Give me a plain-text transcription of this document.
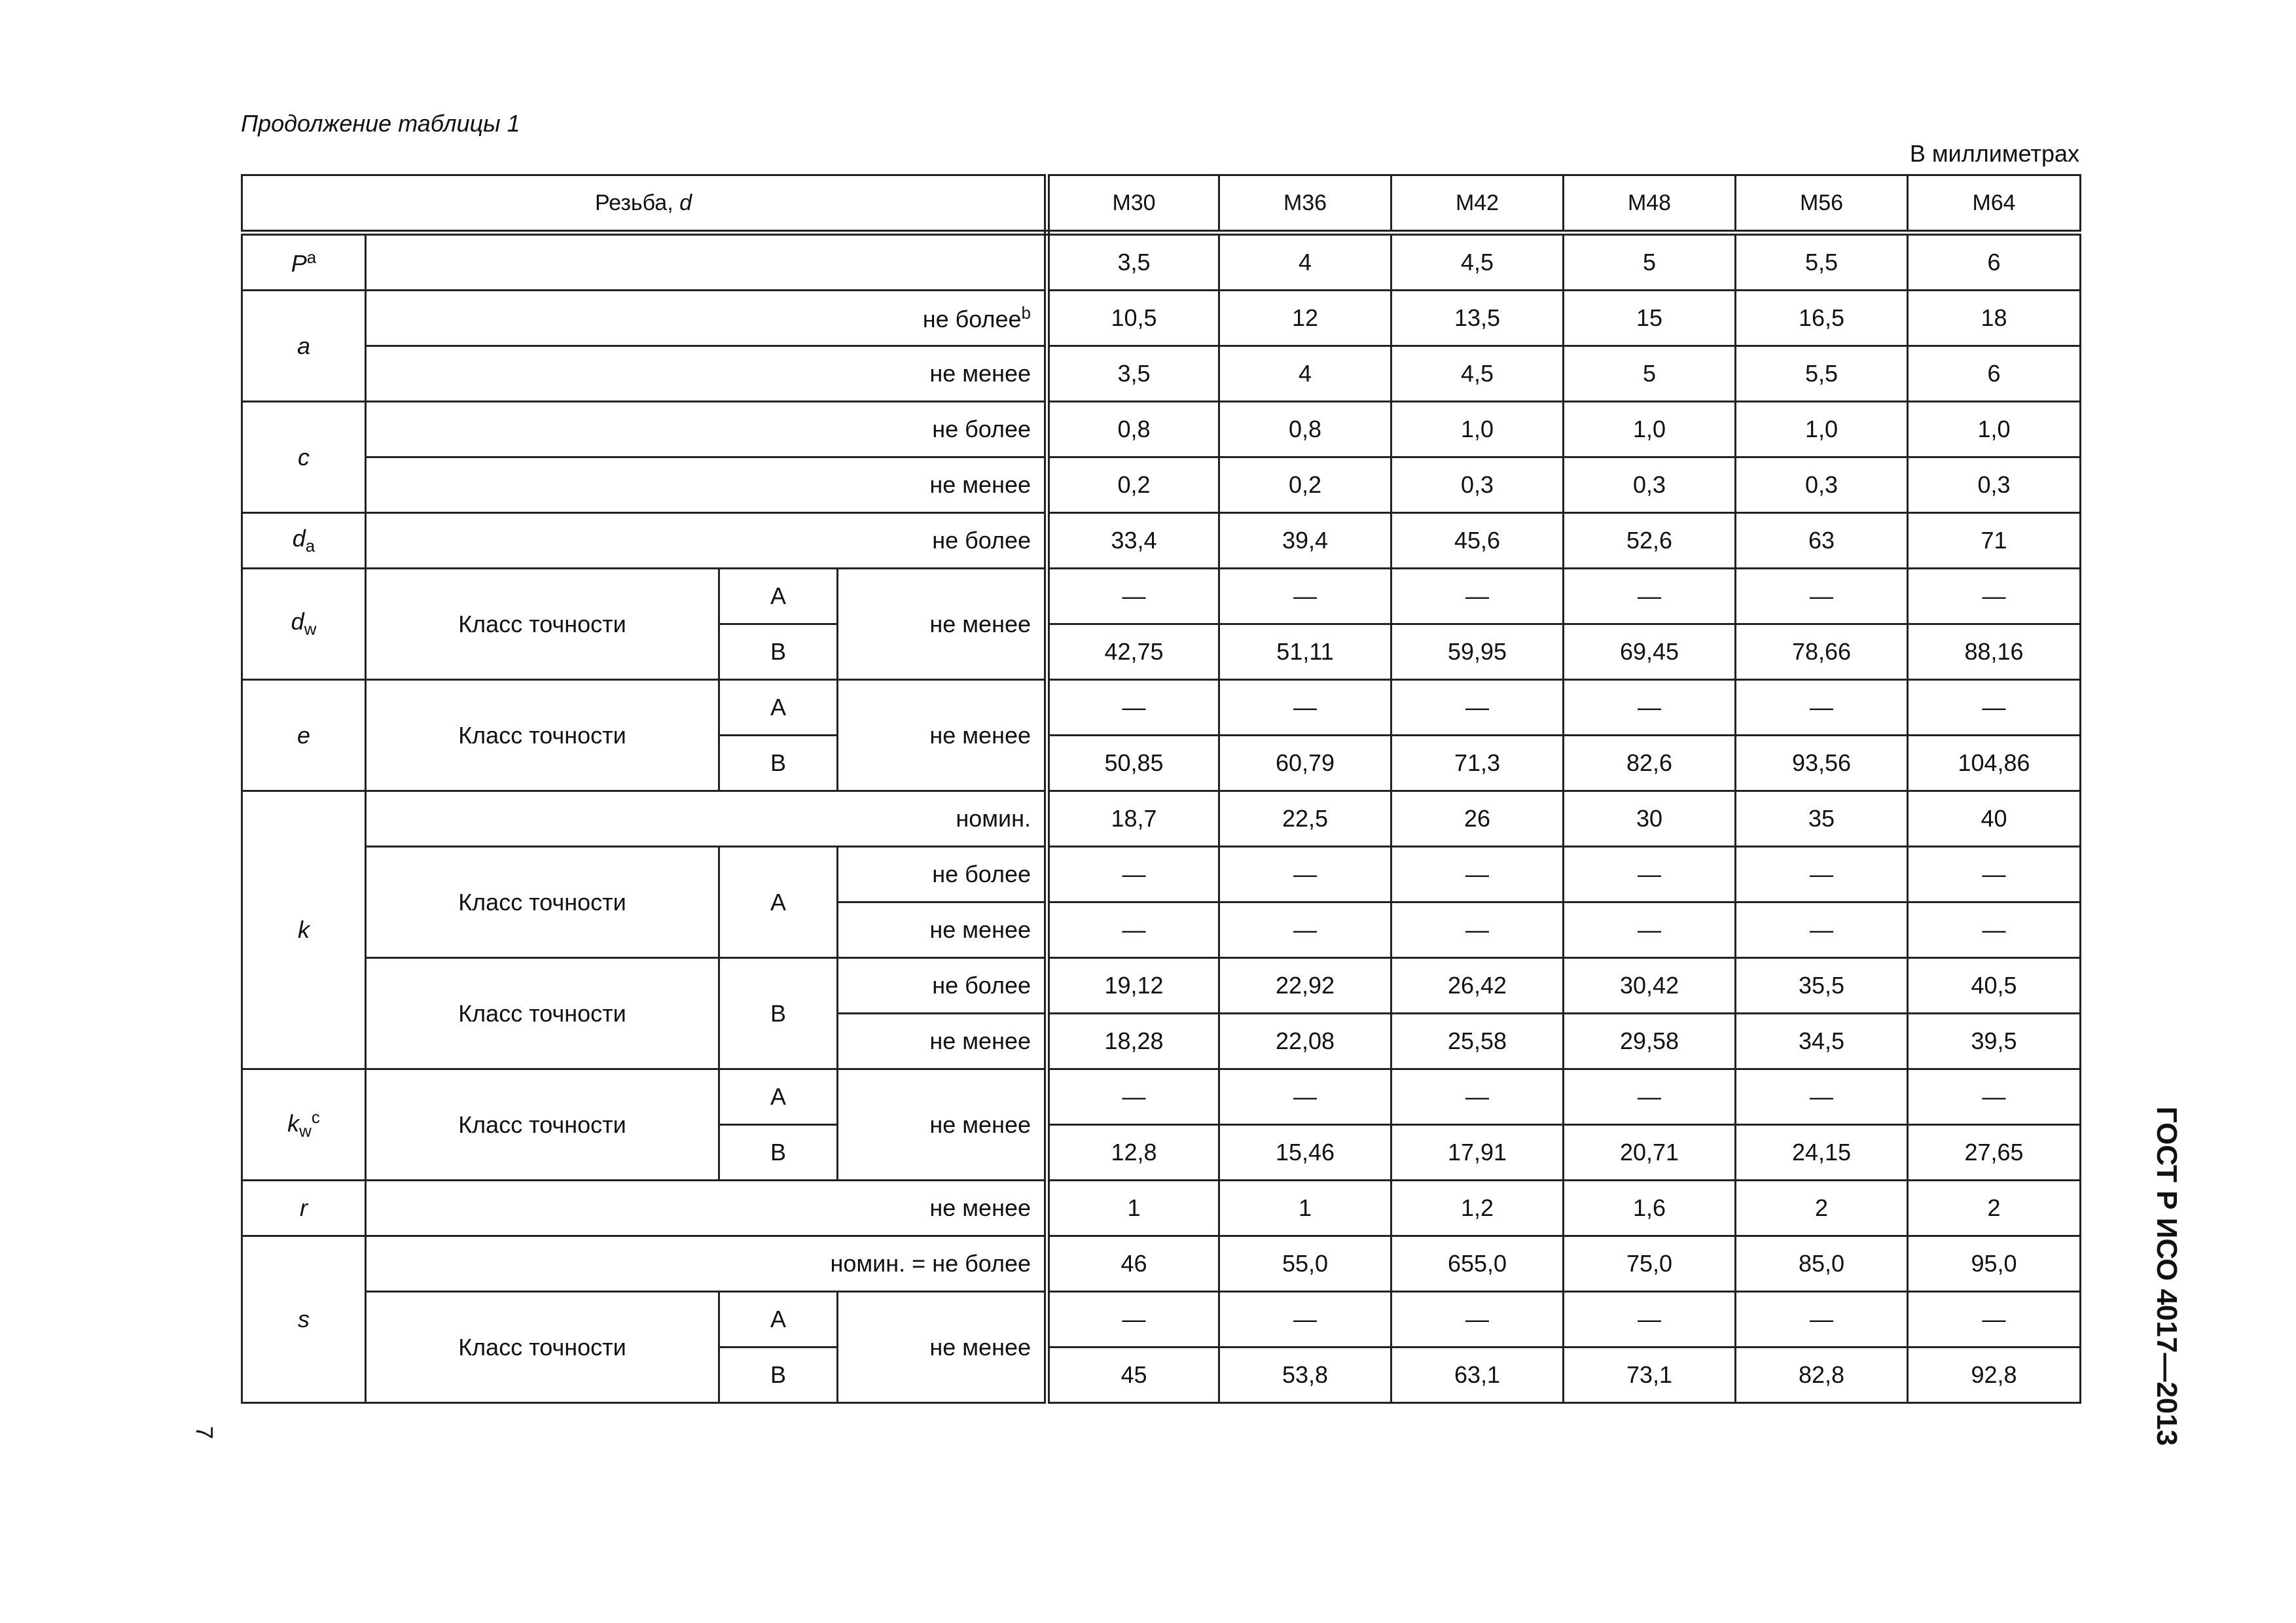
Продолжение таблицы 1
В миллиметрах
Резьба, d				M30	M36	M42	M48	M56	M64
$P^a$				3,5	4	4,5	5	5,5	6
a	не более$^b$			10,5	12	13,5	15	16,5	18
	не менее			3,5	4	4,5	5	5,5	6
c	не более			0,8	0,8	1,0	1,0	1,0	1,0
	не менее			0,2	0,2	0,3	0,3	0,3	0,3
$d_a$	не более			33,4	39,4	45,6	52,6	63	71
$d_w$	Класс точности	A	не менее	—	—	—	—	—	—
		B		42,75	51,11	59,95	69,45	78,66	88,16
e	Класс точности	A	не менее	—	—	—	—	—	—
		B		50,85	60,79	71,3	82,6	93,56	104,86
k	номин.			18,7	22,5	26	30	35	40
	Класс точности	A	не более	—	—	—	—	—	—
			не менее	—	—	—	—	—	—
	Класс точности	B	не более	19,12	22,92	26,42	30,42	35,5	40,5
			не менее	18,28	22,08	25,58	29,58	34,5	39,5
$k_w^c$	Класс точности	A	не менее	—	—	—	—	—	—
		B		12,8	15,46	17,91	20,71	24,15	27,65
r	не менее			1	1	1,2	1,6	2	2
s	номин. = не более			46	55,0	655,0	75,0	85,0	95,0
	Класс точности	A	не менее	—	—	—	—	—	—
		B		45	53,8	63,1	73,1	82,8	92,8
7	ГОСТ Р ИСО 4017—2013
